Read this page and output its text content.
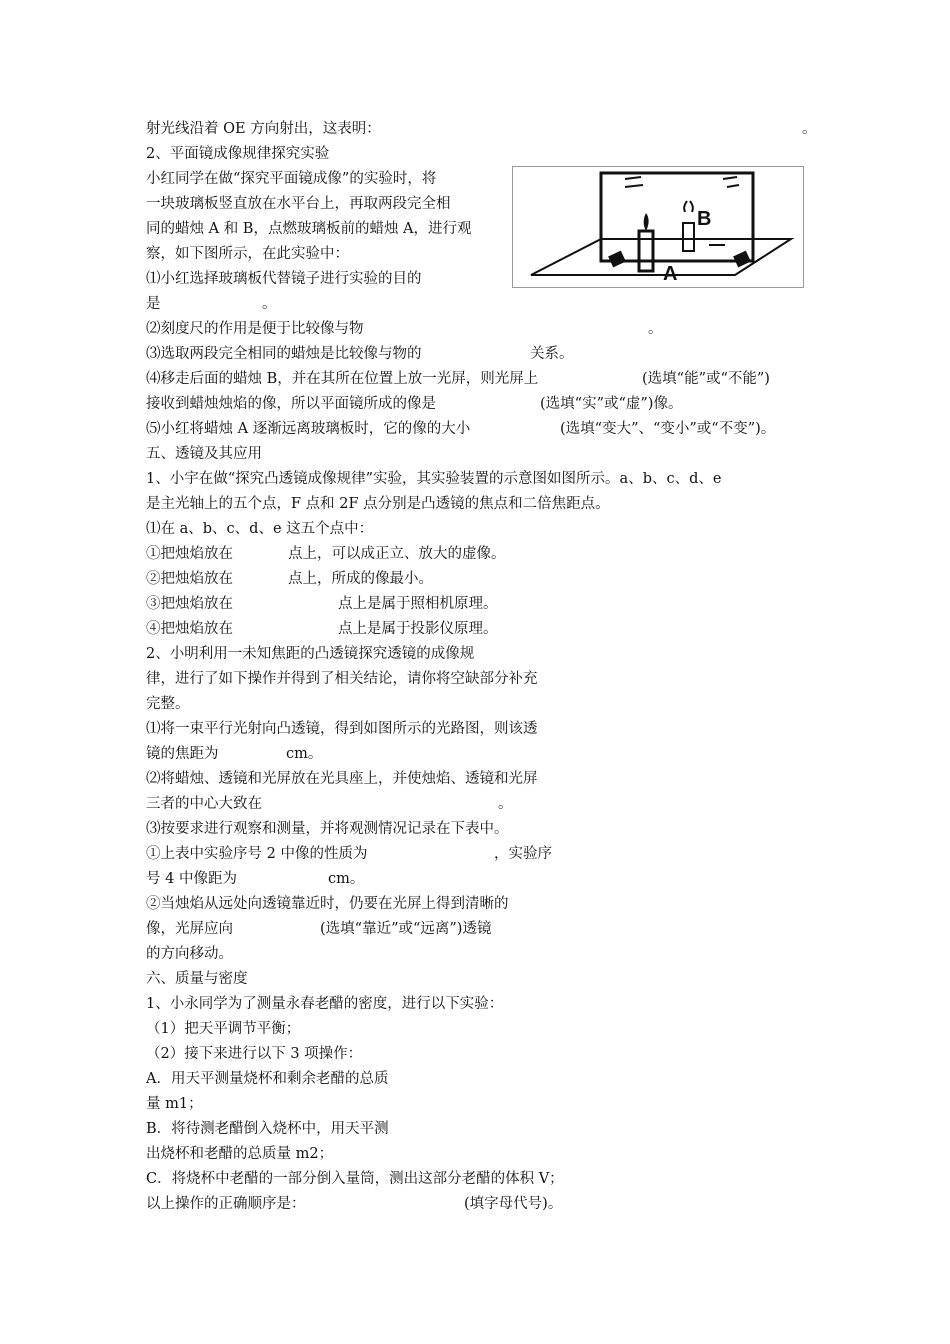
射光线沿着 OE 方向射出，这表明：	。
2、平面镜成像规律探究实验
小红同学在做“探究平面镜成像”的实验时，将
一块玻璃板竖直放在水平台上，再取两段完全相
同的蜡烛 A 和 B，点燃玻璃板前的蜡烛 A，进行观
察，如下图所示，在此实验中：
⑴小红选择玻璃板代替镜子进行实验的目的
是	。
A
B
⑵刻度尺的作用是便于比较像与物	。
⑶选取两段完全相同的蜡烛是比较像与物的	关系。
⑷移走后面的蜡烛 B，并在其所在位置上放一光屏，则光屏上	(选填“能”或“不能”)
接收到蜡烛烛焰的像，所以平面镜所成的像是	(选填“实”或“虚”)像。
⑸小红将蜡烛 A 逐渐远离玻璃板时，它的像的大小	(选填“变大”、“变小”或“不变”)。
五、透镜及其应用
1、小宇在做“探究凸透镜成像规律”实验，其实验装置的示意图如图所示。a、b、c、d、e
是主光轴上的五个点，F 点和 2F 点分别是凸透镜的焦点和二倍焦距点。
⑴在 a、b、c、d、e 这五个点中：
①把烛焰放在	点上，可以成正立、放大的虚像。
②把烛焰放在	点上，所成的像最小。
③把烛焰放在	点上是属于照相机原理。
④把烛焰放在	点上是属于投影仪原理。
2、小明利用一未知焦距的凸透镜探究透镜的成像规
律，进行了如下操作并得到了相关结论，请你将空缺部分补充
完整。
⑴将一束平行光射向凸透镜，得到如图所示的光路图，则该透
镜的焦距为	cm。
⑵将蜡烛、透镜和光屏放在光具座上，并使烛焰、透镜和光屏
三者的中心大致在	。
⑶按要求进行观察和测量，并将观测情况记录在下表中。
①上表中实验序号 2 中像的性质为	，实验序
号 4 中像距为	cm。
②当烛焰从远处向透镜靠近时，仍要在光屏上得到清晰的
像，光屏应向	(选填“靠近”或“远离”)透镜
的方向移动。
六、质量与密度
1、小永同学为了测量永春老醋的密度，进行以下实验：
（1）把天平调节平衡；
（2）接下来进行以下 3 项操作：
A．用天平测量烧杯和剩余老醋的总质
量 m1；
B．将待测老醋倒入烧杯中，用天平测
出烧杯和老醋的总质量 m2；
C．将烧杯中老醋的一部分倒入量筒，测出这部分老醋的体积 V；
以上操作的正确顺序是：	(填字母代号)。
